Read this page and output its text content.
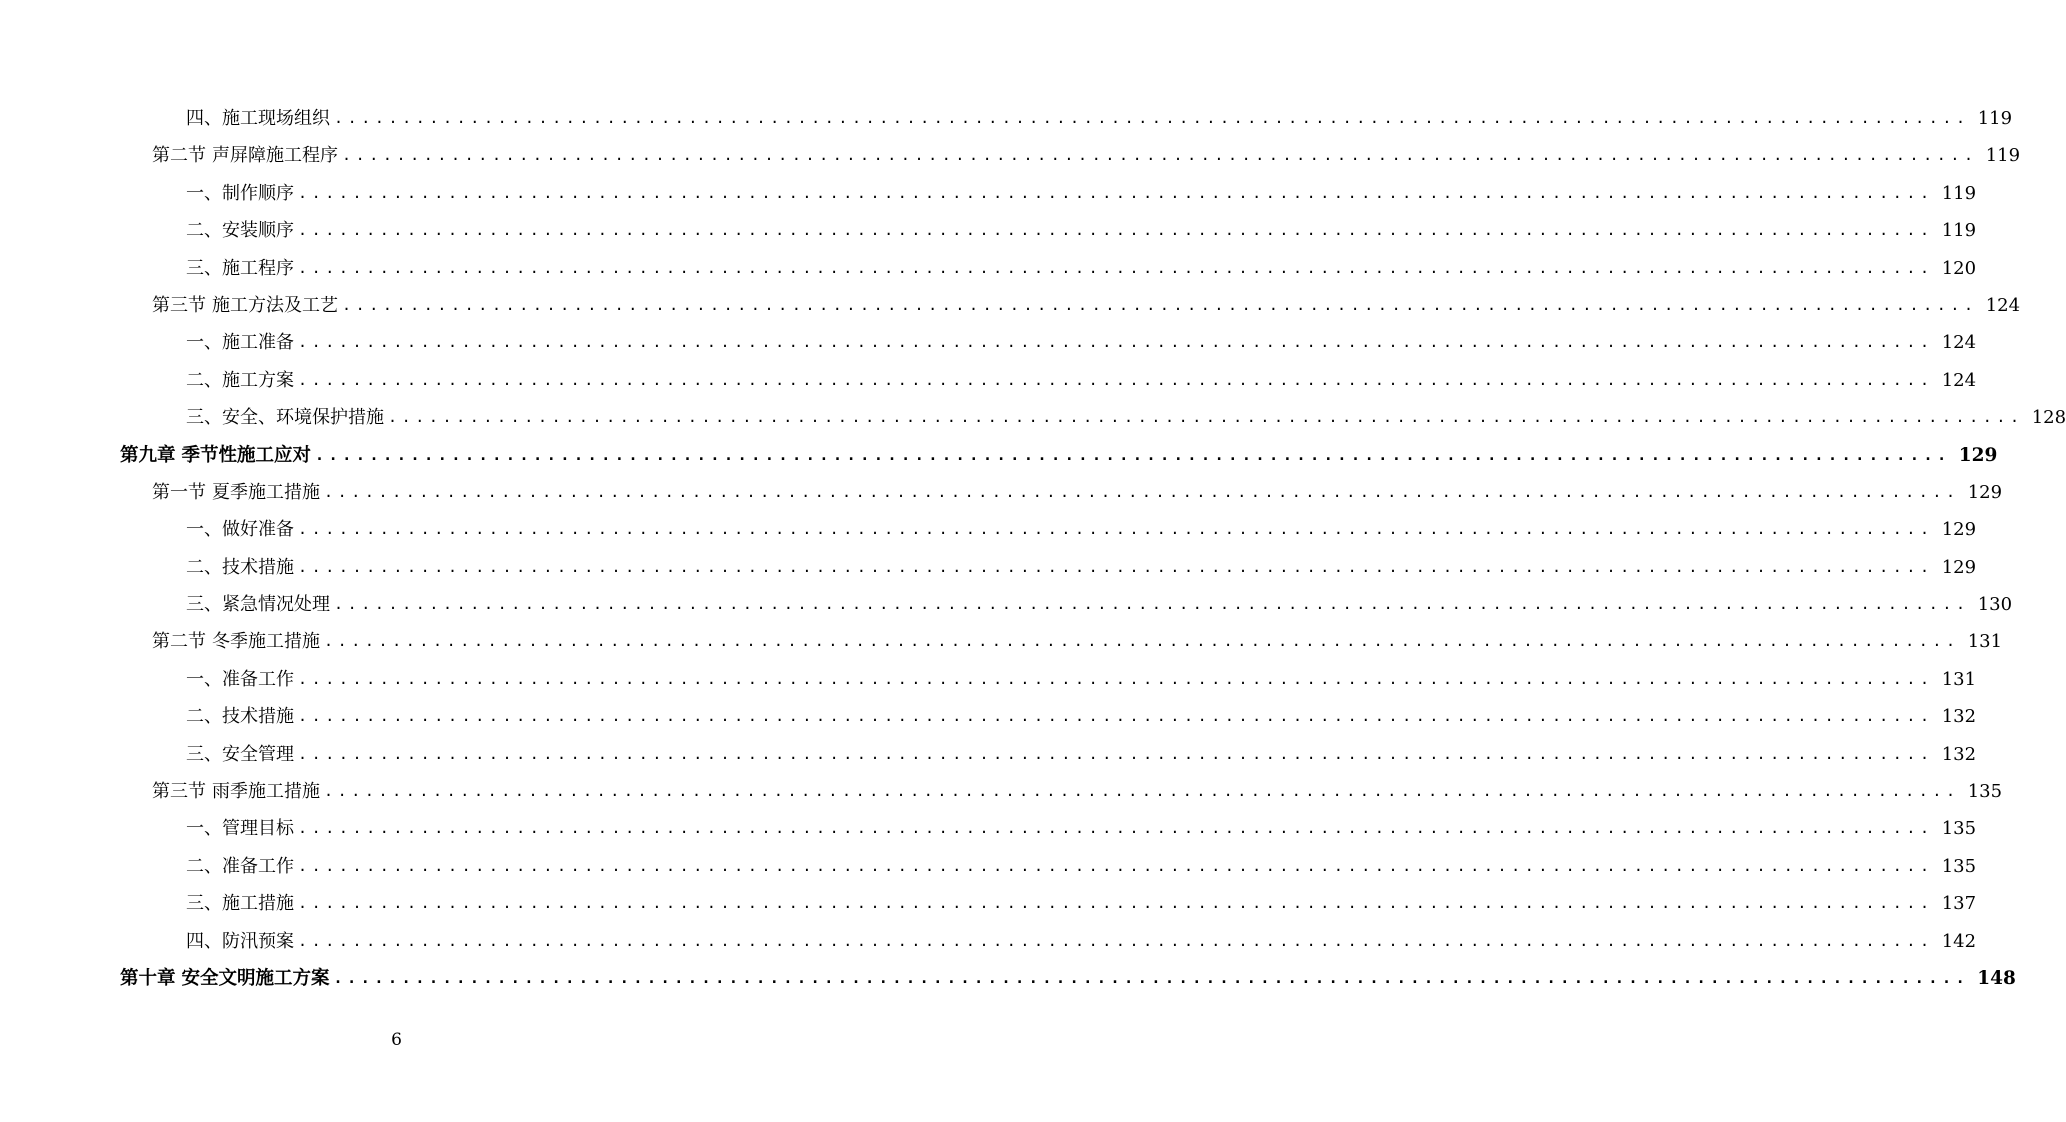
四、施工现场组织 ........................................................................................................................ 119
第二节 声屏障施工程序 ........................................................................................................................ 119
一、制作顺序 ........................................................................................................................ 119
二、安装顺序 ........................................................................................................................ 119
三、施工程序 ........................................................................................................................ 120
第三节 施工方法及工艺 ........................................................................................................................ 124
一、施工准备 ........................................................................................................................ 124
二、施工方案 ........................................................................................................................ 124
三、安全、环境保护措施 ........................................................................................................................ 128
第九章 季节性施工应对 ........................................................................................................................ 129
第一节 夏季施工措施 ........................................................................................................................ 129
一、做好准备 ........................................................................................................................ 129
二、技术措施 ........................................................................................................................ 129
三、紧急情况处理 ........................................................................................................................ 130
第二节 冬季施工措施 ........................................................................................................................ 131
一、准备工作 ........................................................................................................................ 131
二、技术措施 ........................................................................................................................ 132
三、安全管理 ........................................................................................................................ 132
第三节 雨季施工措施 ........................................................................................................................ 135
一、管理目标 ........................................................................................................................ 135
二、准备工作 ........................................................................................................................ 135
三、施工措施 ........................................................................................................................ 137
四、防汛预案 ........................................................................................................................ 142
第十章 安全文明施工方案 ........................................................................................................................ 148
6
